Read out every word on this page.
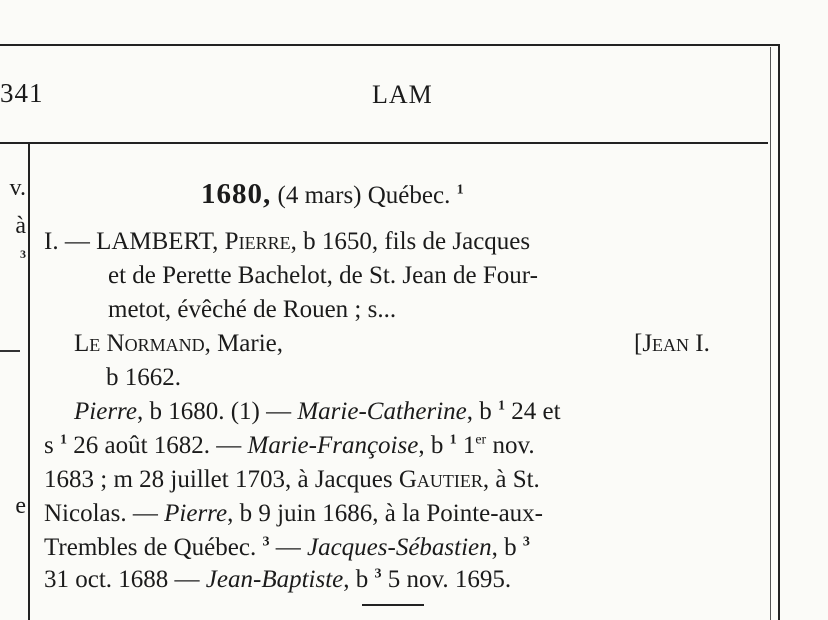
341	LAM
v.
à
3
e
1680, (4 mars) Québec. $^1$
I. — LAMBERT, Pierre, b 1650, fils de Jacques
et de Perette Bachelot, de St. Jean de Four-
metot, évêché de Rouen ; s...
Le Normand, Marie,	[Jean I.
b 1662.
Pierre, b 1680. (1) — Marie-Catherine, b $^1$ 24 et
s $^1$ 26 août 1682. — Marie-Françoise, b $^1$ 1er nov.
1683 ; m 28 juillet 1703, à Jacques Gautier, à St.
Nicolas. — Pierre, b 9 juin 1686, à la Pointe-aux-
Trembles de Québec. $^3$ — Jacques-Sébastien, b $^3$
31 oct. 1688 — Jean-Baptiste, b $^3$ 5 nov. 1695.
